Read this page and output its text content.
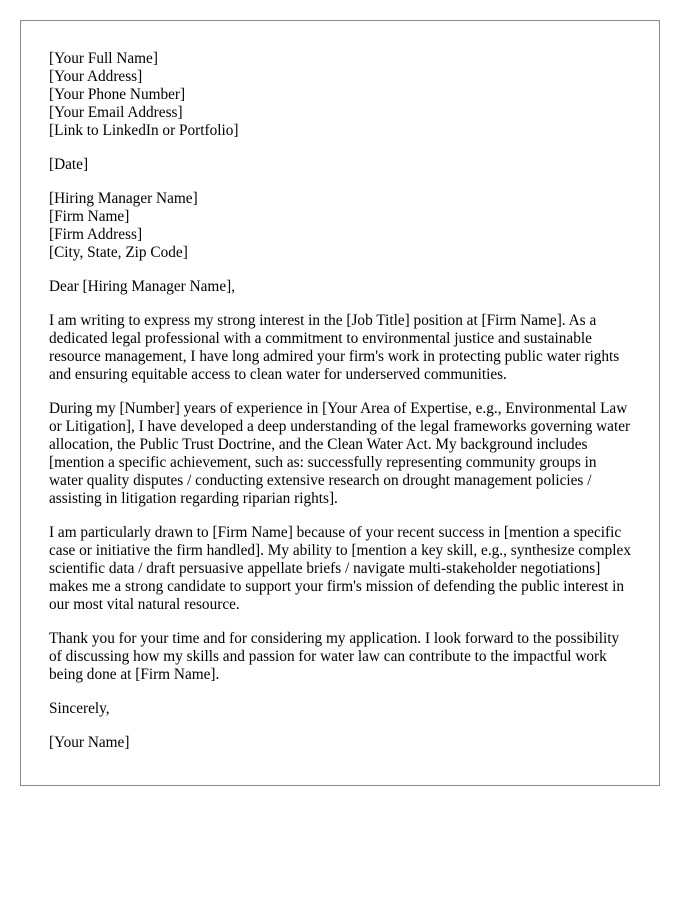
[Your Full Name]
[Your Address]
[Your Phone Number]
[Your Email Address]
[Link to LinkedIn or Portfolio]
[Date]
[Hiring Manager Name]
[Firm Name]
[Firm Address]
[City, State, Zip Code]

Dear [Hiring Manager Name],

I am writing to express my strong interest in the [Job Title] position at [Firm Name]. As a dedicated legal professional with a commitment to environmental justice and sustainable resource management, I have long admired your firm's work in protecting public water rights and ensuring equitable access to clean water for underserved communities.

During my [Number] years of experience in [Your Area of Expertise, e.g., Environmental Law or Litigation], I have developed a deep understanding of the legal frameworks governing water allocation, the Public Trust Doctrine, and the Clean Water Act. My background includes [mention a specific achievement, such as: successfully representing community groups in water quality disputes / conducting extensive research on drought management policies / assisting in litigation regarding riparian rights].

I am particularly drawn to [Firm Name] because of your recent success in [mention a specific case or initiative the firm handled]. My ability to [mention a key skill, e.g., synthesize complex scientific data / draft persuasive appellate briefs / navigate multi-stakeholder negotiations] makes me a strong candidate to support your firm's mission of defending the public interest in our most vital natural resource.

Thank you for your time and for considering my application. I look forward to the possibility of discussing how my skills and passion for water law can contribute to the impactful work being done at [Firm Name].

Sincerely,

[Your Name]
